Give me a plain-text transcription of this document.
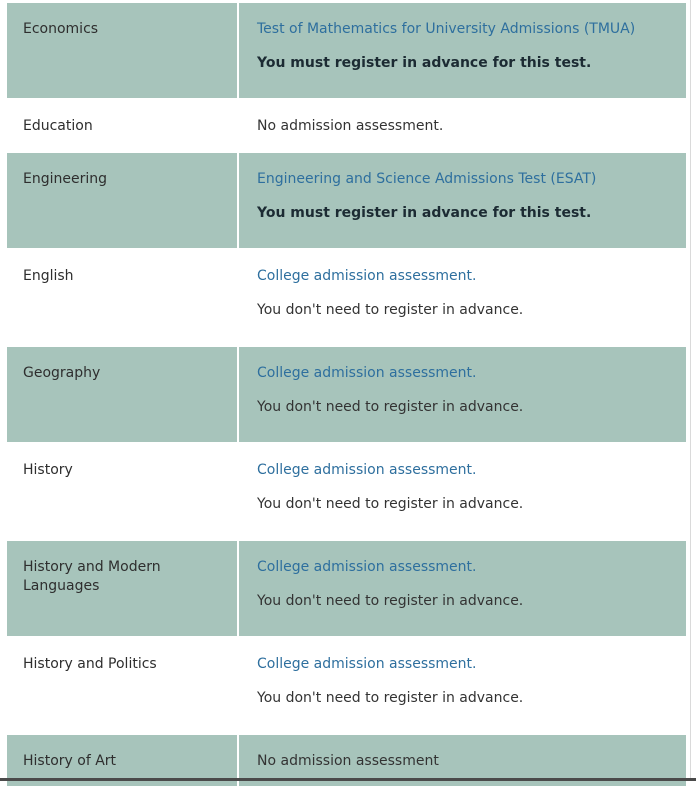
Economics	Test of Mathematics for University Admissions (TMUA)

You must register in advance for this test.

Education	No admission assessment.

Engineering	Engineering and Science Admissions Test (ESAT)

You must register in advance for this test.

English	College admission assessment.

You don't need to register in advance.

Geography	College admission assessment.

You don't need to register in advance.

History	College admission assessment.

You don't need to register in advance.

History and Modern Languages	College admission assessment.

You don't need to register in advance.

History and Politics	College admission assessment.

You don't need to register in advance.

History of Art	No admission assessment
